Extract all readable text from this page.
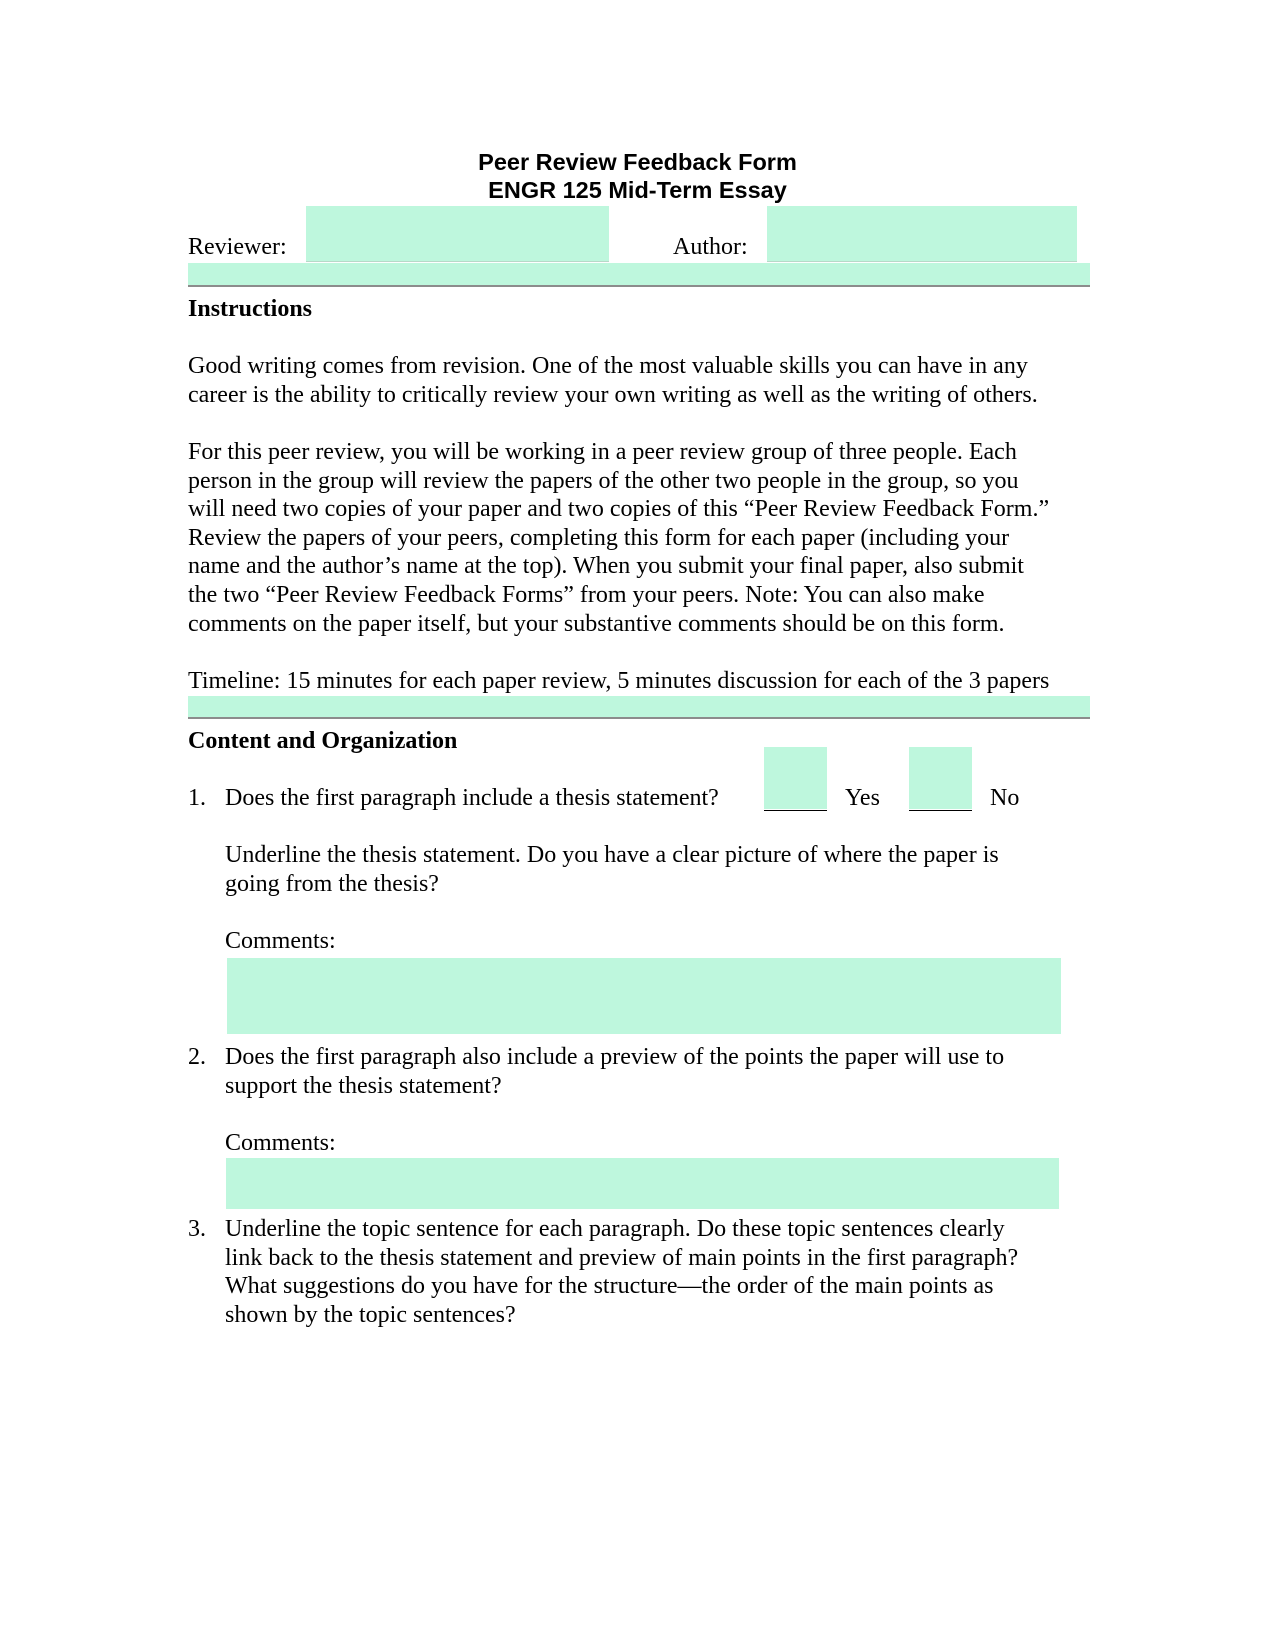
Peer Review Feedback Form
ENGR 125 Mid-Term Essay
Reviewer:	Author:
Instructions
Good writing comes from revision. One of the most valuable skills you can have in any
career is the ability to critically review your own writing as well as the writing of others.
For this peer review, you will be working in a peer review group of three people. Each
person in the group will review the papers of the other two people in the group, so you
will need two copies of your paper and two copies of this “Peer Review Feedback Form.”
Review the papers of your peers, completing this form for each paper (including your
name and the author’s name at the top). When you submit your final paper, also submit
the two “Peer Review Feedback Forms” from your peers. Note: You can also make
comments on the paper itself, but your substantive comments should be on this form.
Timeline: 15 minutes for each paper review, 5 minutes discussion for each of the 3 papers
Content and Organization
1. Does the first paragraph include a thesis statement?	Yes	No
Underline the thesis statement. Do you have a clear picture of where the paper is
going from the thesis?
Comments:
2. Does the first paragraph also include a preview of the points the paper will use to
support the thesis statement?
Comments:
3. Underline the topic sentence for each paragraph. Do these topic sentences clearly
link back to the thesis statement and preview of main points in the first paragraph?
What suggestions do you have for the structure—the order of the main points as
shown by the topic sentences?
